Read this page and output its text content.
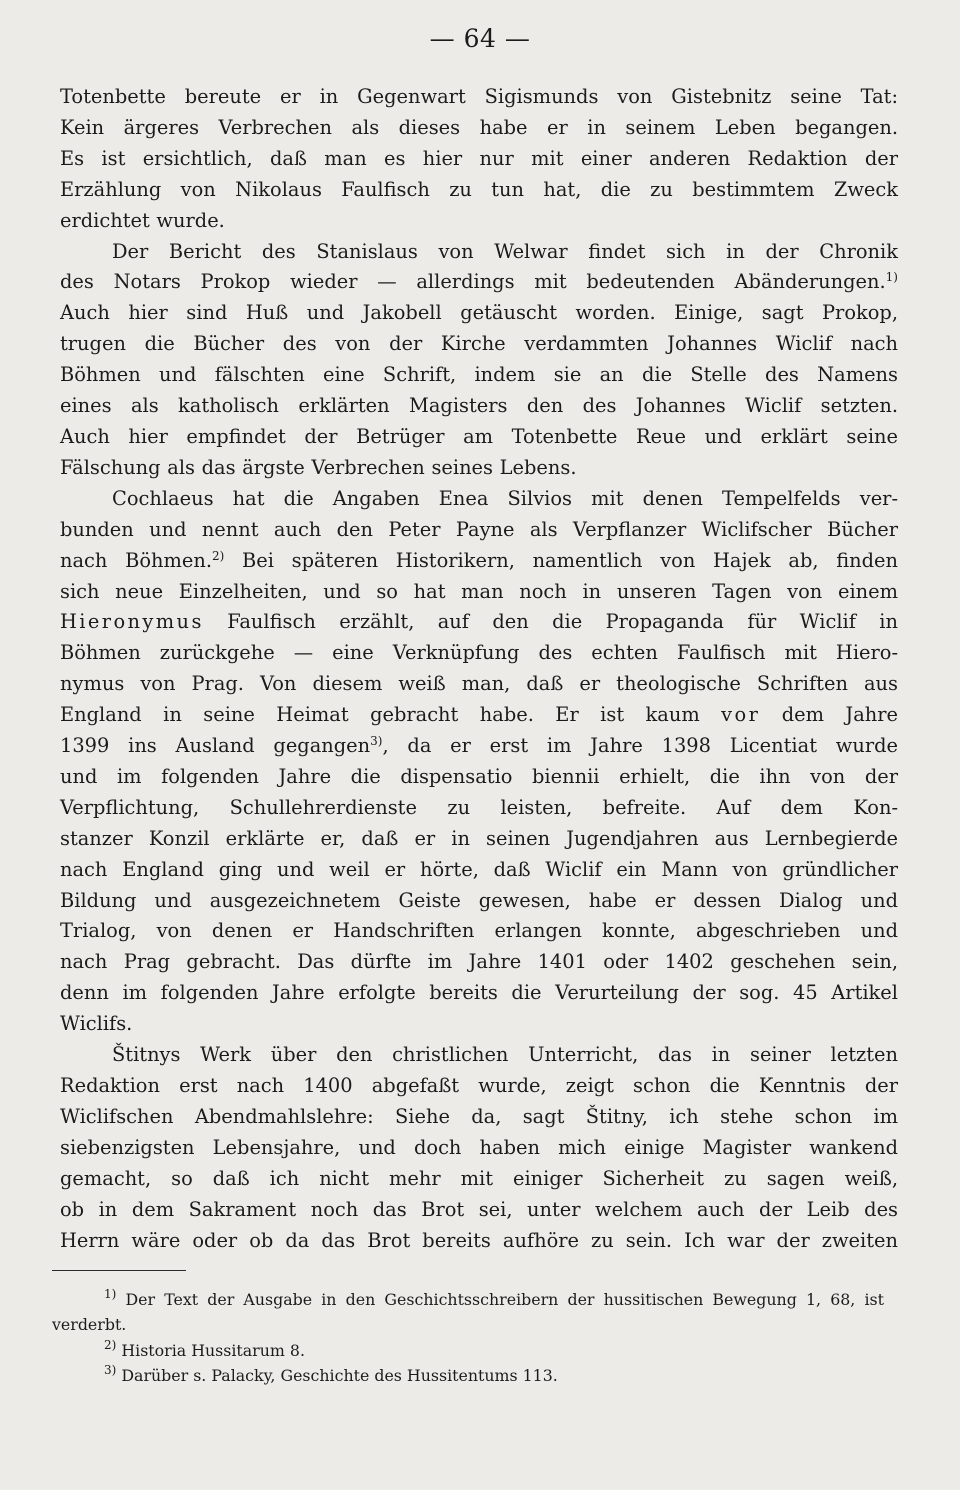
— 64 —

Totenbette bereute er in Gegenwart Sigismunds von Gistebnitz seine Tat:

Kein ärgeres Verbrechen als dieses habe er in seinem Leben begangen.

Es ist ersichtlich, daß man es hier nur mit einer anderen Redaktion der

Erzählung von Nikolaus Faulfisch zu tun hat, die zu bestimmtem Zweck

erdichtet wurde.

Der Bericht des Stanislaus von Welwar findet sich in der Chronik

des Notars Prokop wieder — allerdings mit bedeutenden Abänderungen.$^{1)}$

Auch hier sind Huß und Jakobell getäuscht worden. Einige, sagt Prokop,

trugen die Bücher des von der Kirche verdammten Johannes Wiclif nach

Böhmen und fälschten eine Schrift, indem sie an die Stelle des Namens

eines als katholisch erklärten Magisters den des Johannes Wiclif setzten.

Auch hier empfindet der Betrüger am Totenbette Reue und erklärt seine

Fälschung als das ärgste Verbrechen seines Lebens.

Cochlaeus hat die Angaben Enea Silvios mit denen Tempelfelds ver-

bunden und nennt auch den Peter Payne als Verpflanzer Wiclifscher Bücher

nach Böhmen.$^{2)}$ Bei späteren Historikern, namentlich von Hajek ab, finden

sich neue Einzelheiten, und so hat man noch in unseren Tagen von einem

Hieronymus Faulfisch erzählt, auf den die Propaganda für Wiclif in

Böhmen zurückgehe — eine Verknüpfung des echten Faulfisch mit Hiero-

nymus von Prag. Von diesem weiß man, daß er theologische Schriften aus

England in seine Heimat gebracht habe. Er ist kaum vor dem Jahre

1399 ins Ausland gegangen$^{3)}$, da er erst im Jahre 1398 Licentiat wurde

und im folgenden Jahre die dispensatio biennii erhielt, die ihn von der

Verpflichtung, Schullehrerdienste zu leisten, befreite. Auf dem Kon-

stanzer Konzil erklärte er, daß er in seinen Jugendjahren aus Lernbegierde

nach England ging und weil er hörte, daß Wiclif ein Mann von gründlicher

Bildung und ausgezeichnetem Geiste gewesen, habe er dessen Dialog und

Trialog, von denen er Handschriften erlangen konnte, abgeschrieben und

nach Prag gebracht. Das dürfte im Jahre 1401 oder 1402 geschehen sein,

denn im folgenden Jahre erfolgte bereits die Verurteilung der sog. 45 Artikel

Wiclifs.

Štitnys Werk über den christlichen Unterricht, das in seiner letzten

Redaktion erst nach 1400 abgefaßt wurde, zeigt schon die Kenntnis der

Wiclifschen Abendmahlslehre: Siehe da, sagt Štitny, ich stehe schon im

siebenzigsten Lebensjahre, und doch haben mich einige Magister wankend

gemacht, so daß ich nicht mehr mit einiger Sicherheit zu sagen weiß,

ob in dem Sakrament noch das Brot sei, unter welchem auch der Leib des

Herrn wäre oder ob da das Brot bereits aufhöre zu sein. Ich war der zweiten

$^{1)}$ Der Text der Ausgabe in den Geschichtsschreibern der hussitischen Bewegung 1, 68, ist verderbt.

$^{2)}$ Historia Hussitarum 8.

$^{3)}$ Darüber s. Palacky, Geschichte des Hussitentums 113.
